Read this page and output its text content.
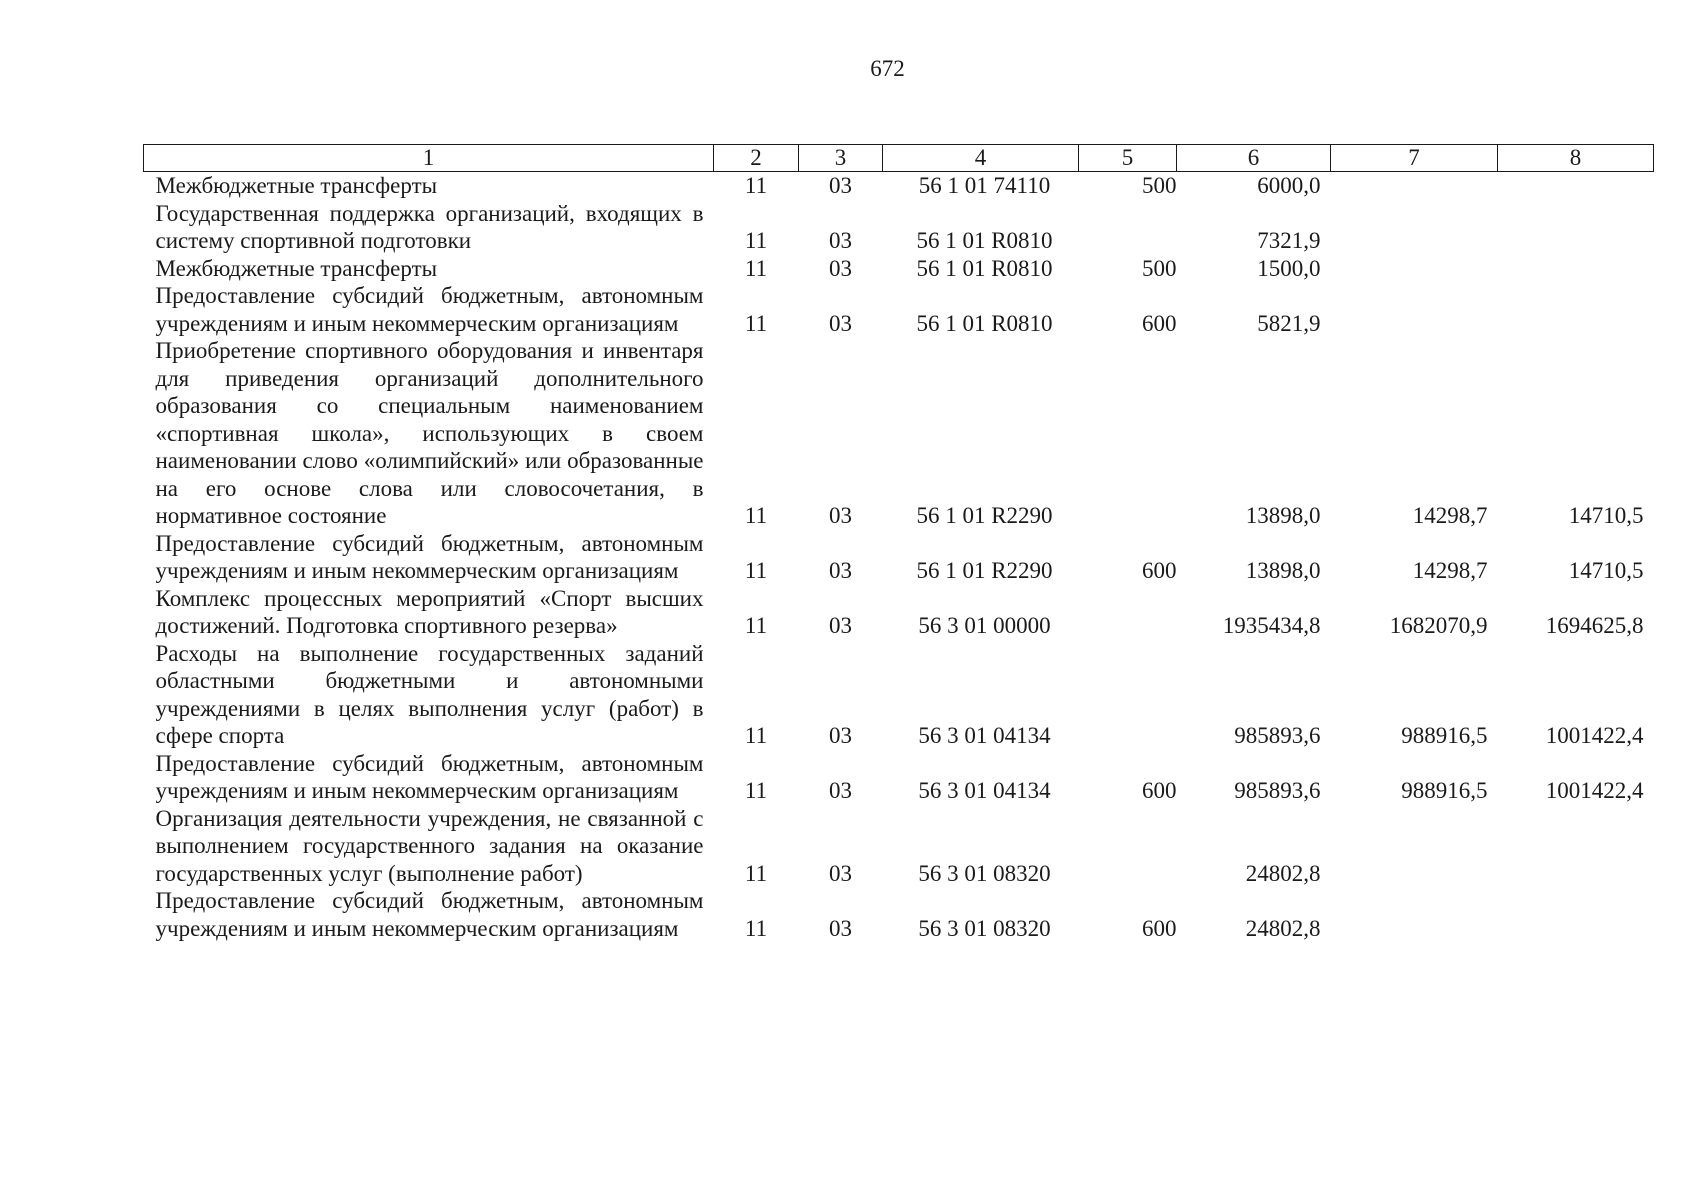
672
1	2	3	4	5	6	7	8
Межбюджетные трансферты	11	03	56 1 01 74110	500	6000,0		
Государственная поддержка организаций, входящих в систему спортивной подготовки	11	03	56 1 01 R0810		7321,9		
Межбюджетные трансферты	11	03	56 1 01 R0810	500	1500,0		
Предоставление субсидий бюджетным, автономным учреждениям и иным некоммерческим организациям	11	03	56 1 01 R0810	600	5821,9		
Приобретение спортивного оборудования и инвентаря для приведения организаций дополнительного образования со специальным наименованием «спортивная школа», использующих в своем наименовании слово «олимпийский» или образованные на его основе слова или словосочетания, в нормативное состояние	11	03	56 1 01 R2290		13898,0	14298,7	14710,5
Предоставление субсидий бюджетным, автономным учреждениям и иным некоммерческим организациям	11	03	56 1 01 R2290	600	13898,0	14298,7	14710,5
Комплекс процессных мероприятий «Спорт высших достижений. Подготовка спортивного резерва»	11	03	56 3 01 00000		1935434,8	1682070,9	1694625,8
Расходы на выполнение государственных заданий областными бюджетными и автономными учреждениями в целях выполнения услуг (работ) в сфере спорта	11	03	56 3 01 04134		985893,6	988916,5	1001422,4
Предоставление субсидий бюджетным, автономным учреждениям и иным некоммерческим организациям	11	03	56 3 01 04134	600	985893,6	988916,5	1001422,4
Организация деятельности учреждения, не связанной с выполнением государственного задания на оказание государственных услуг (выполнение работ)	11	03	56 3 01 08320		24802,8		
Предоставление субсидий бюджетным, автономным учреждениям и иным некоммерческим организациям	11	03	56 3 01 08320	600	24802,8		
